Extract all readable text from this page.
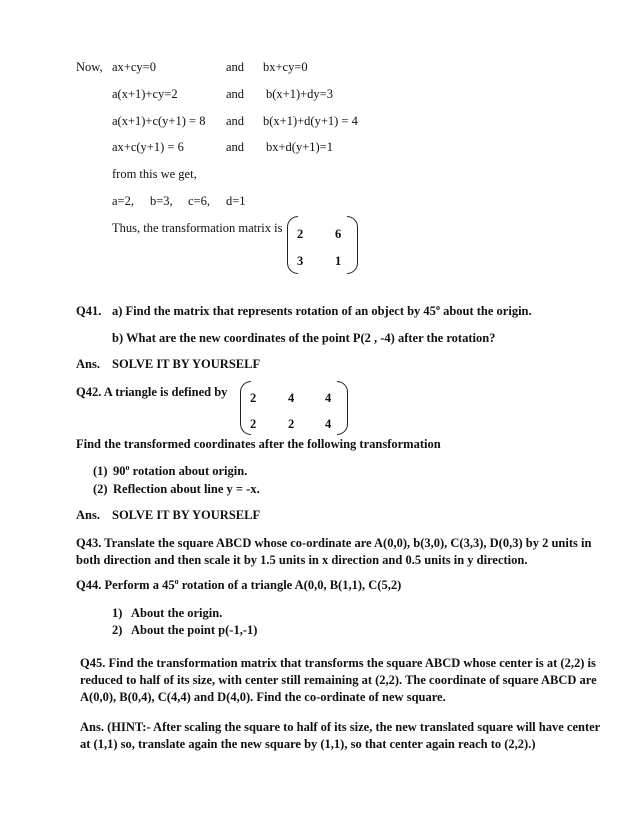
Now, ax+cy=0	and bx+cy=0
a(x+1)+cy=2	and b(x+1)+dy=3
a(x+1)+c(y+1) = 8 and b(x+1)+d(y+1) = 4
ax+c(y+1) = 6	and bx+d(y+1)=1
from this we get,
a=2, b=3, c=6, d=1
Thus, the transformation matrix is 2	6
3	1
Q41. a) Find the matrix that represents rotation of an object by 45$^o$ about the origin.
b) What are the new coordinates of the point P(2 , -4) after the rotation?
Ans. SOLVE IT BY YOURSELF
Q42. A triangle is defined by 2	4 4
2	2 4
Find the transformed coordinates after the following transformation
(1) 90$^o$ rotation about origin.
(2) Reflection about line y = -x.
Ans. SOLVE IT BY YOURSELF
Q43. Translate the square ABCD whose co-ordinate are A(0,0), b(3,0), C(3,3), D(0,3) by 2 units in both direction and then scale it by 1.5 units in x direction and 0.5 units in y direction.
Q44. Perform a 45$^o$ rotation of a triangle A(0,0, B(1,1), C(5,2)
1) About the origin.
2) About the point p(-1,-1)
Q45. Find the transformation matrix that transforms the square ABCD whose center is at (2,2) is reduced to half of its size, with center still remaining at (2,2). The coordinate of square ABCD are A(0,0), B(0,4), C(4,4) and D(4,0). Find the co-ordinate of new square.
Ans. (HINT:- After scaling the square to half of its size, the new translated square will have center at (1,1) so, translate again the new square by (1,1), so that center again reach to (2,2).)
